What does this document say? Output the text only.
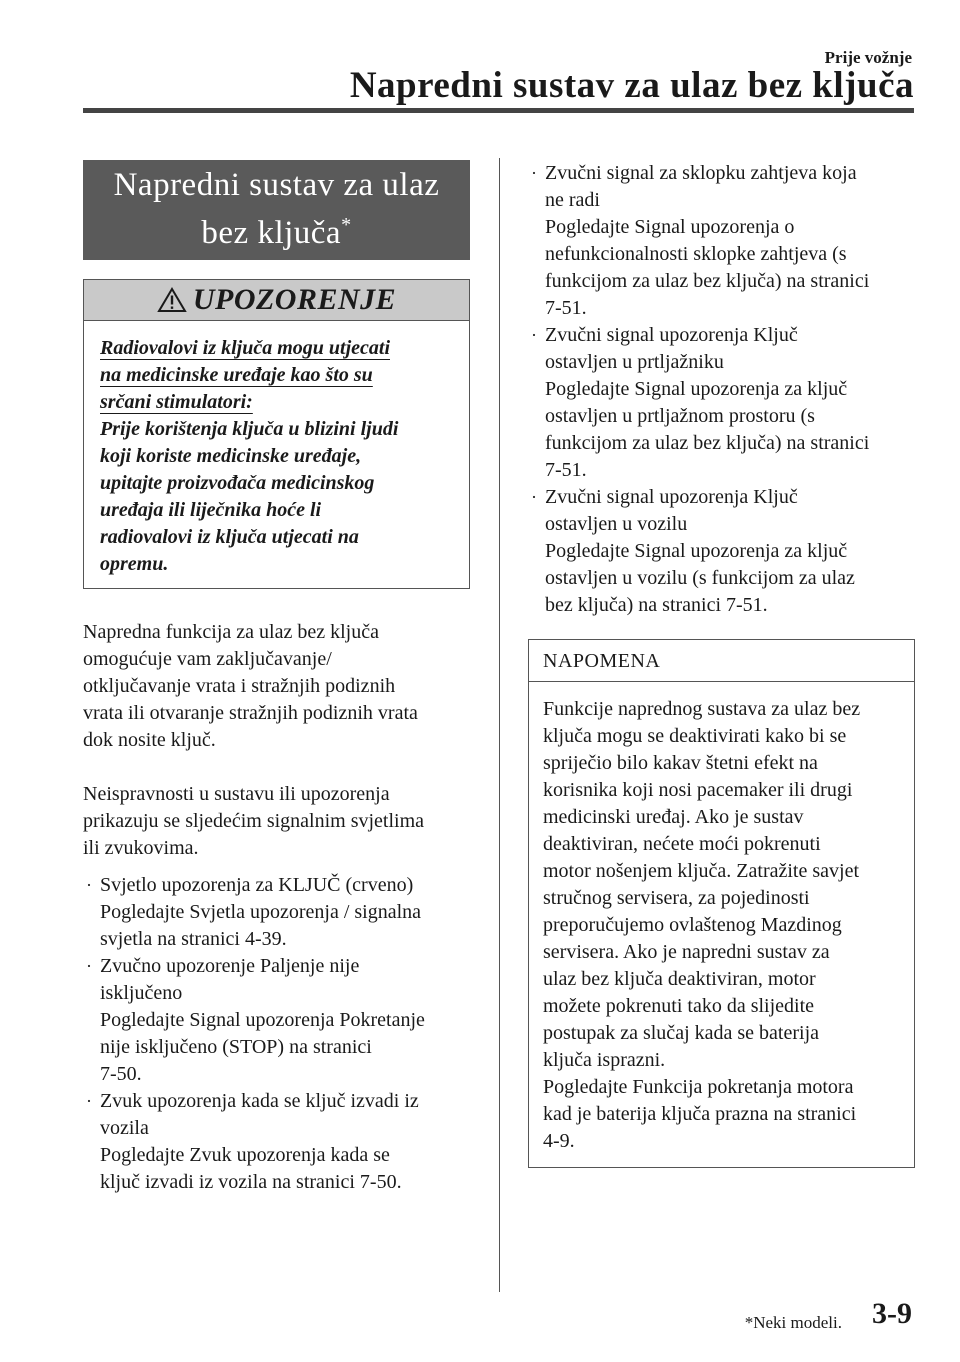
Prije vožnje
Napredni sustav za ulaz bez ključa
Napredni sustav za ulaz
bez ključa*
UPOZORENJE
Radiovalovi iz ključa mogu utjecati
na medicinske uređaje kao što su
srčani stimulatori:
Prije korištenja ključa u blizini ljudi
koji koriste medicinske uređaje,
upitajte proizvođača medicinskog
uređaja ili liječnika hoće li
radiovalovi iz ključa utjecati na
opremu.
Napredna funkcija za ulaz bez ključa
omogućuje vam zaključavanje/
otključavanje vrata i stražnjih podiznih
vrata ili otvaranje stražnjih podiznih vrata
dok nosite ključ.
Neispravnosti u sustavu ili upozorenja
prikazuju se sljedećim signalnim svjetlima
ili zvukovima.
· Svjetlo upozorenja za KLJUČ (crveno)
Pogledajte Svjetla upozorenja / signalna
svjetla na stranici 4-39.
· Zvučno upozorenje Paljenje nije
isključeno
Pogledajte Signal upozorenja Pokretanje
nije isključeno (STOP) na stranici
7-50.
· Zvuk upozorenja kada se ključ izvadi iz
vozila
Pogledajte Zvuk upozorenja kada se
ključ izvadi iz vozila na stranici 7-50.
· Zvučni signal za sklopku zahtjeva koja
ne radi
Pogledajte Signal upozorenja o
nefunkcionalnosti sklopke zahtjeva (s
funkcijom za ulaz bez ključa) na stranici
7-51.
· Zvučni signal upozorenja Ključ
ostavljen u prtljažniku
Pogledajte Signal upozorenja za ključ
ostavljen u prtljažnom prostoru (s
funkcijom za ulaz bez ključa) na stranici
7-51.
· Zvučni signal upozorenja Ključ
ostavljen u vozilu
Pogledajte Signal upozorenja za ključ
ostavljen u vozilu (s funkcijom za ulaz
bez ključa) na stranici 7-51.
NAPOMENA
Funkcije naprednog sustava za ulaz bez
ključa mogu se deaktivirati kako bi se
spriječio bilo kakav štetni efekt na
korisnika koji nosi pacemaker ili drugi
medicinski uređaj. Ako je sustav
deaktiviran, nećete moći pokrenuti
motor nošenjem ključa. Zatražite savjet
stručnog servisera, za pojedinosti
preporučujemo ovlaštenog Mazdinog
servisera. Ako je napredni sustav za
ulaz bez ključa deaktiviran, motor
možete pokrenuti tako da slijedite
postupak za slučaj kada se baterija
ključa isprazni.
Pogledajte Funkcija pokretanja motora
kad je baterija ključa prazna na stranici
4-9.
*Neki modeli. 3-9
